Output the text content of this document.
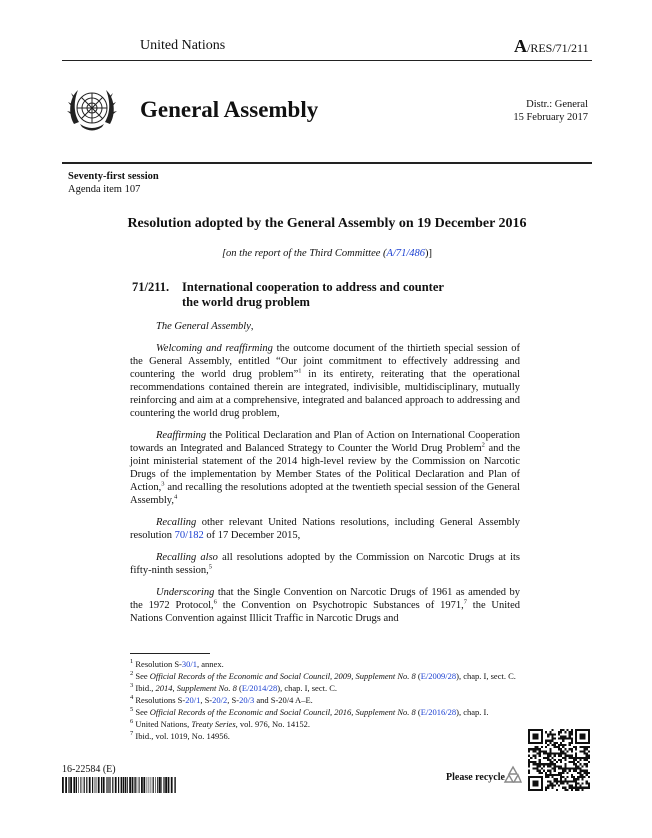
United Nations	A/RES/71/211
General Assembly	Distr.: General
15 February 2017
Seventy-first session
Agenda item 107
Resolution adopted by the General Assembly on 19 December 2016
[on the report of the Third Committee (A/71/486)]
71/211. International cooperation to address and counter
the world drug problem

The General Assembly,

Welcoming and reaffirming the outcome document of the thirtieth special session of the General Assembly, entitled “Our joint commitment to effectively addressing and countering the world drug problem”$^1$ in its entirety, reiterating that the operational recommendations contained therein are integrated, indivisible, multidisciplinary, mutually reinforcing and aim at a comprehensive, integrated and balanced approach to addressing and countering the world drug problem,

Reaffirming the Political Declaration and Plan of Action on International Cooperation towards an Integrated and Balanced Strategy to Counter the World Drug Problem$^2$ and the joint ministerial statement of the 2014 high-level review by the Commission on Narcotic Drugs of the implementation by Member States of the Political Declaration and Plan of Action,$^3$ and recalling the resolutions adopted at the twentieth special session of the General Assembly,$^4$

Recalling other relevant United Nations resolutions, including General Assembly resolution 70/182 of 17 December 2015,

Recalling also all resolutions adopted by the Commission on Narcotic Drugs at its fifty-ninth session,$^5$

Underscoring that the Single Convention on Narcotic Drugs of 1961 as amended by the 1972 Protocol,$^6$ the Convention on Psychotropic Substances of 1971,$^7$ the United Nations Convention against Illicit Traffic in Narcotic Drugs and

$^1$ Resolution S-30/1, annex.
$^2$ See Official Records of the Economic and Social Council, 2009, Supplement No. 8 (E/2009/28), chap. I, sect. C.
$^3$ Ibid., 2014, Supplement No. 8 (E/2014/28), chap. I, sect. C.
$^4$ Resolutions S-20/1, S-20/2, S-20/3 and S-20/4 A–E.
$^5$ See Official Records of the Economic and Social Council, 2016, Supplement No. 8 (E/2016/28), chap. I.
$^6$ United Nations, Treaty Series, vol. 976, No. 14152.
$^7$ Ibid., vol. 1019, No. 14956.
16-22584 (E)
Please recycle
